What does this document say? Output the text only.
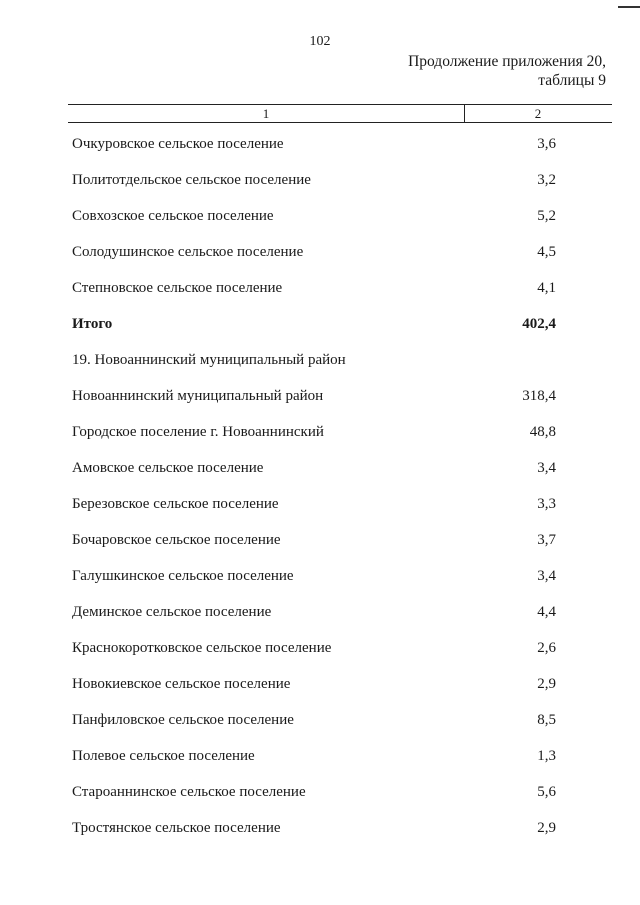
102
Продолжение приложения 20,
таблицы 9
1	2
Очкуровское сельское поселение	3,6
Политотдельское сельское поселение	3,2
Совхозское сельское поселение	5,2
Солодушинское сельское поселение	4,5
Степновское сельское поселение	4,1
Итого	402,4
19. Новоаннинский муниципальный район
Новоаннинский муниципальный район	318,4
Городское поселение г. Новоаннинский	48,8
Амовское сельское поселение	3,4
Березовское сельское поселение	3,3
Бочаровское сельское поселение	3,7
Галушкинское сельское поселение	3,4
Деминское сельское поселение	4,4
Краснокоротковское сельское поселение	2,6
Новокиевское сельское поселение	2,9
Панфиловское сельское поселение	8,5
Полевое сельское поселение	1,3
Староаннинское сельское поселение	5,6
Тростянское сельское поселение	2,9
